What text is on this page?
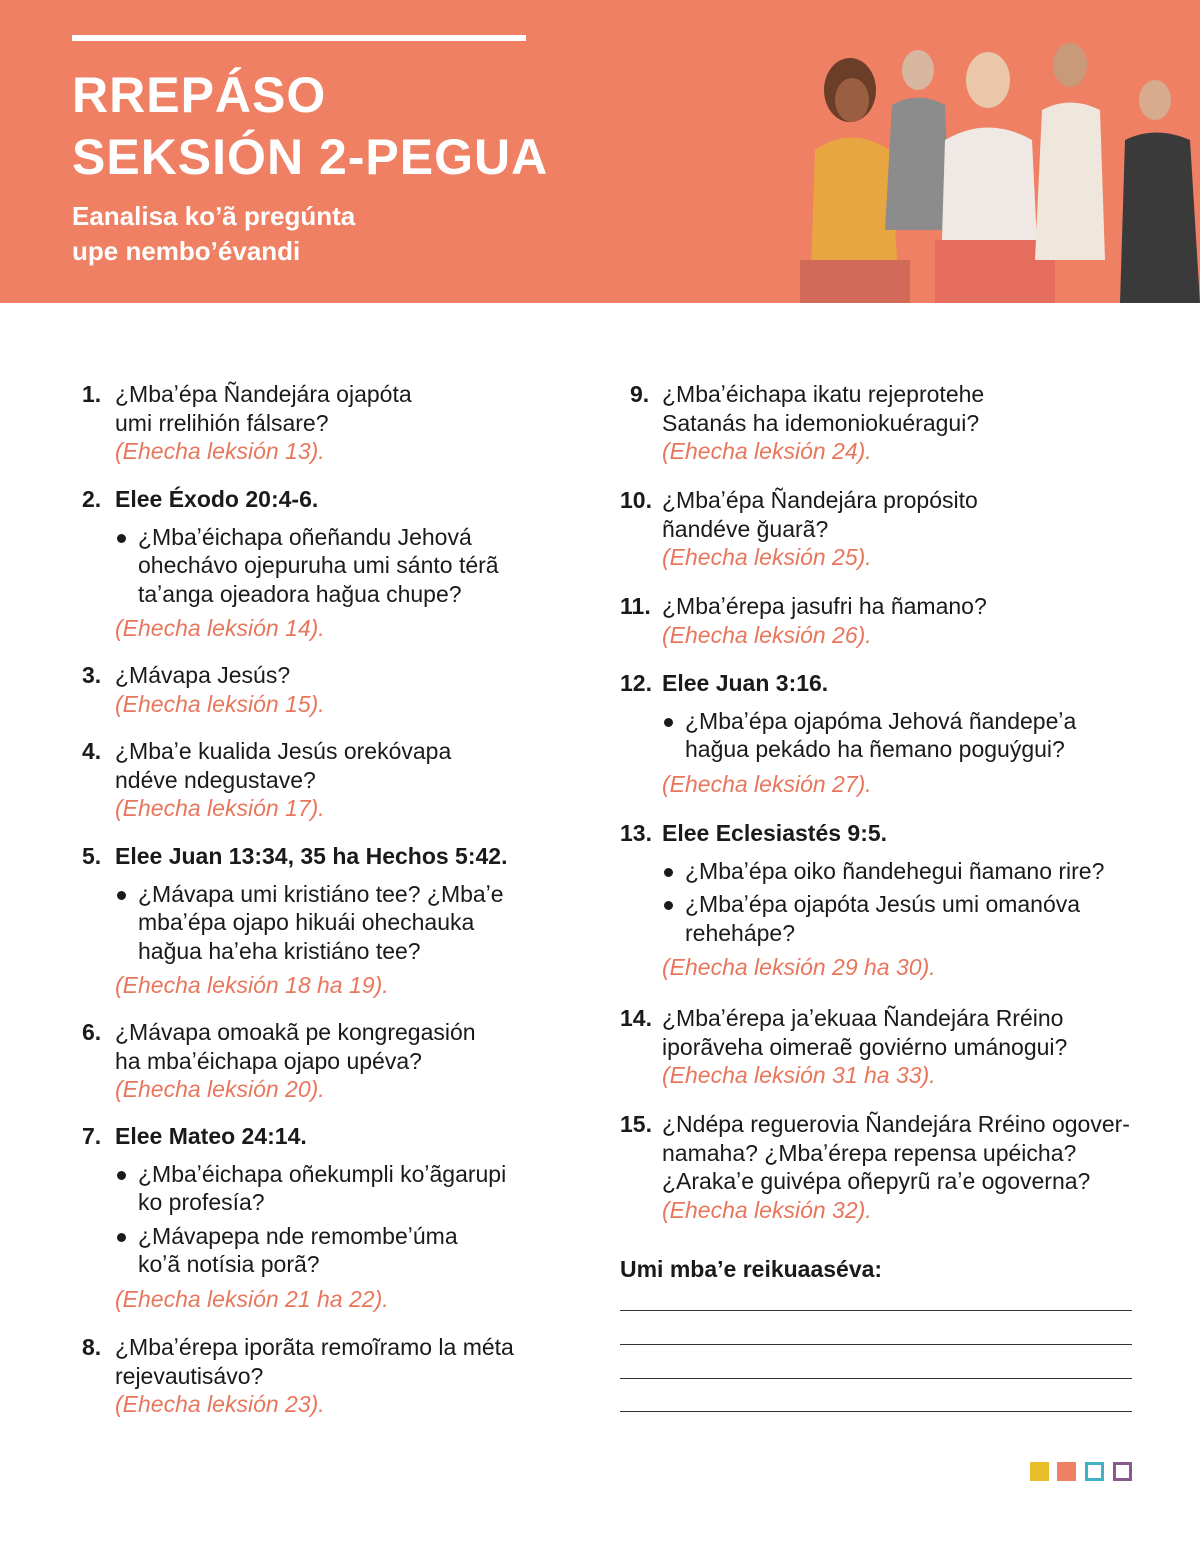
RREPÁSO
SEKSIÓN 2-PEGUA
Eanalisa koʼã pregúnta
upe nemboʼévandi
1. ¿Mbaʼépa Ñandejára ojapóta
umi rrelihión fálsare?
(Ehecha leksión 13).
2. Elee Éxodo 20:4-6.
¿Mbaʼéichapa oñeñandu Jehová
ohechávo ojepuruha umi sánto térã
taʼanga ojeadora hağua chupe?
(Ehecha leksión 14).
3. ¿Mávapa Jesús?
(Ehecha leksión 15).
4. ¿Mbaʼe kualida Jesús orekóvapa
ndéve ndegustave?
(Ehecha leksión 17).
5. Elee Juan 13:34, 35 ha Hechos 5:42.
¿Mávapa umi kristiáno tee? ¿Mbaʼe
mbaʼépa ojapo hikuái ohechauka
hağua haʼeha kristiáno tee?
(Ehecha leksión 18 ha 19).
6. ¿Mávapa omoakã pe kongregasión
ha mbaʼéichapa ojapo upéva?
(Ehecha leksión 20).
7. Elee Mateo 24:14.
¿Mbaʼéichapa oñekumpli koʼãgarupi
ko profesía?
¿Mávapepa nde remombeʼúma
koʼã notísia porã?
(Ehecha leksión 21 ha 22).
8. ¿Mbaʼérepa iporãta remoĩramo la méta
rejevautisávo?
(Ehecha leksión 23).
9. ¿Mbaʼéichapa ikatu rejeprotehe
Satanás ha idemoniokuéragui?
(Ehecha leksión 24).
10. ¿Mbaʼépa Ñandejára propósito
ñandéve ğuarã?
(Ehecha leksión 25).
11. ¿Mbaʼérepa jasufri ha ñamano?
(Ehecha leksión 26).
12. Elee Juan 3:16.
¿Mbaʼépa ojapóma Jehová ñandepeʼa
hağua pekádo ha ñemano poguýgui?
(Ehecha leksión 27).
13. Elee Eclesiastés 9:5.
¿Mbaʼépa oiko ñandehegui ñamano rire?
¿Mbaʼépa ojapóta Jesús umi omanóva
rehehápe?
(Ehecha leksión 29 ha 30).
14. ¿Mbaʼérepa jaʼekuaa Ñandejára Rréino
iporãveha oimeraẽ goviérno umánogui?
(Ehecha leksión 31 ha 33).
15. ¿Ndépa reguerovia Ñandejára Rréino ogover-
namaha? ¿Mbaʼérepa repensa upéicha?
¿Arakaʼe guivépa oñepyrũ raʼe ogoverna?
(Ehecha leksión 32).
Umi mbaʼe reikuaaséva:
